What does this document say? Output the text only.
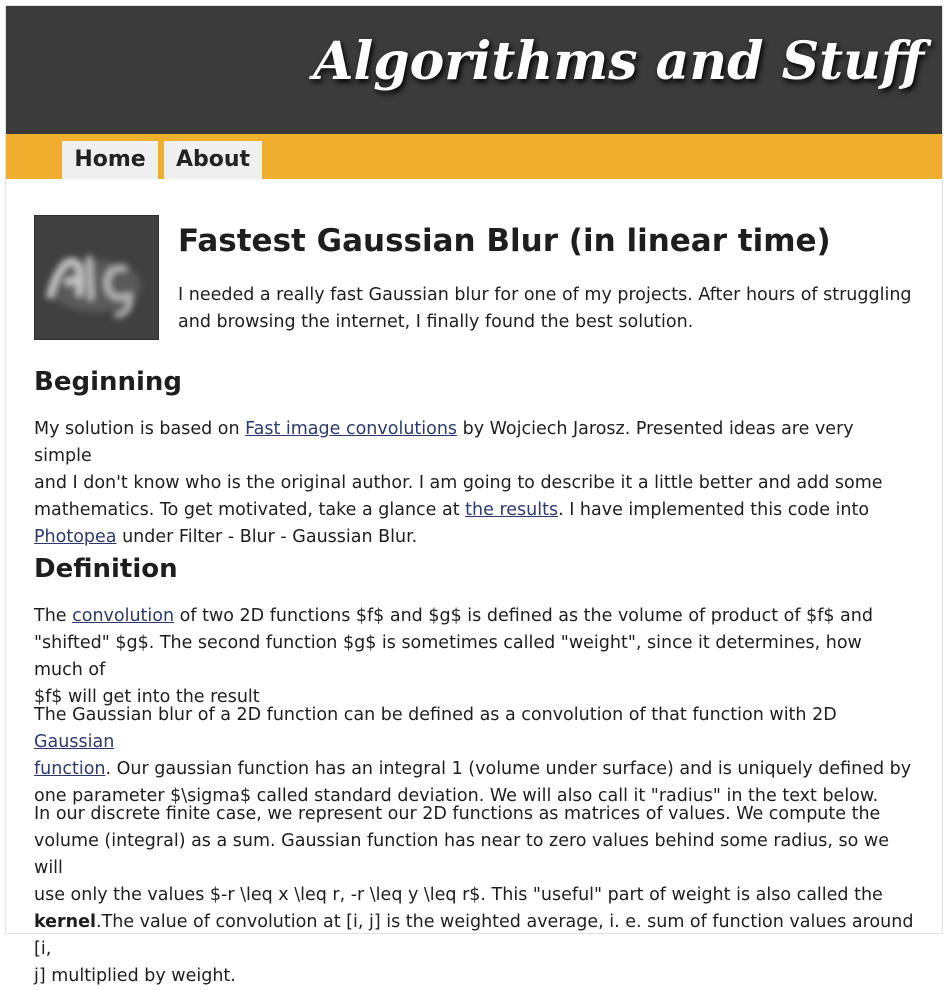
Algorithms and Stuff
Home	About
Fastest Gaussian Blur (in linear time)

I needed a really fast Gaussian blur for one of my projects. After hours of struggling
and browsing the internet, I finally found the best solution.

Beginning

My solution is based on Fast image convolutions by Wojciech Jarosz. Presented ideas are very simple
and I don't know who is the original author. I am going to describe it a little better and add some
mathematics. To get motivated, take a glance at the results. I have implemented this code into
Photopea under Filter - Blur - Gaussian Blur.

Definition

The convolution of two 2D functions $f$ and $g$ is defined as the volume of product of $f$ and
"shifted" $g$. The second function $g$ is sometimes called "weight", since it determines, how much of
$f$ will get into the result

The Gaussian blur of a 2D function can be defined as a convolution of that function with 2D Gaussian
function. Our gaussian function has an integral 1 (volume under surface) and is uniquely defined by
one parameter $\sigma$ called standard deviation. We will also call it "radius" in the text below.

In our discrete finite case, we represent our 2D functions as matrices of values. We compute the
volume (integral) as a sum. Gaussian function has near to zero values behind some radius, so we will
use only the values $-r \leq x \leq r, -r \leq y \leq r$. This "useful" part of weight is also called the
kernel.The value of convolution at [i, j] is the weighted average, i. e. sum of function values around [i,
j] multiplied by weight.
